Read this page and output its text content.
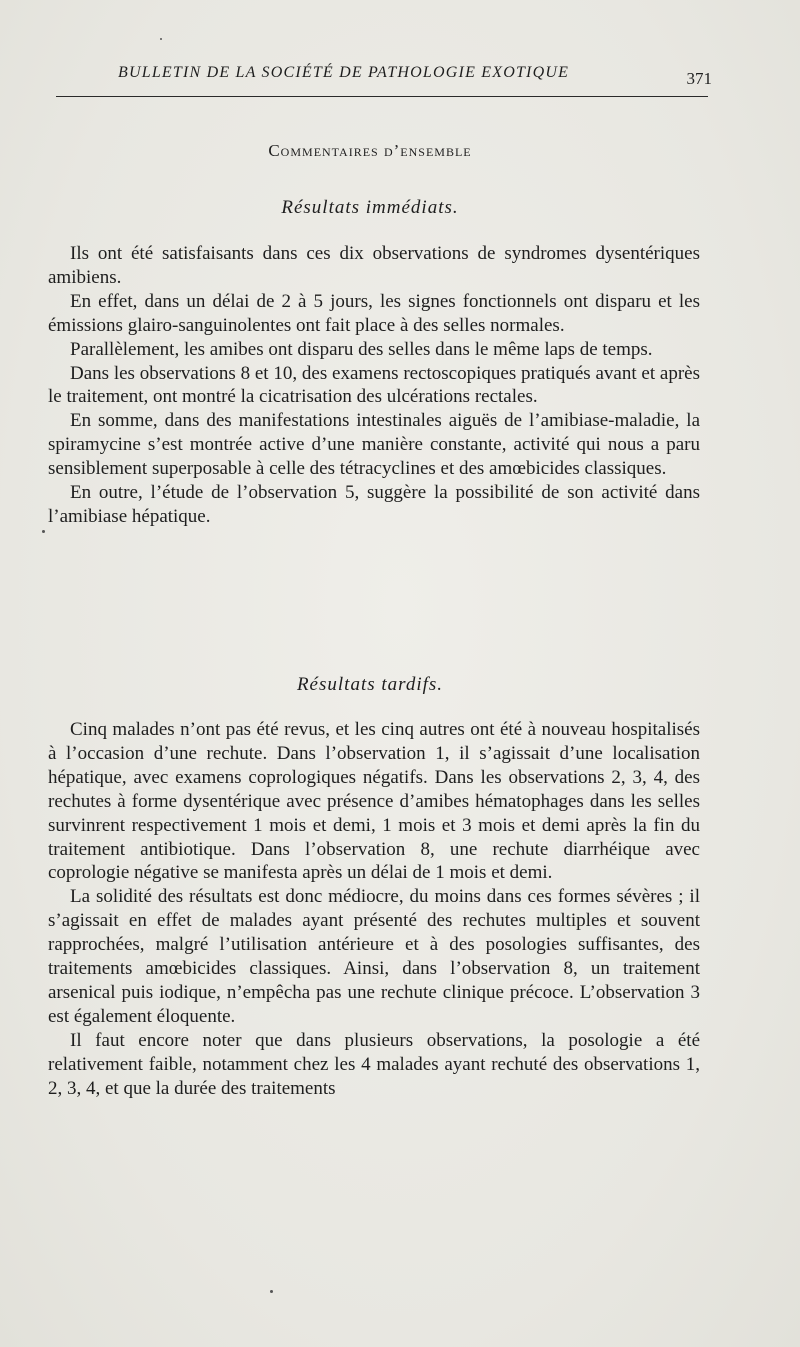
BULLETIN DE LA SOCIÉTÉ DE PATHOLOGIE EXOTIQUE	371
Commentaires d’ensemble
Résultats immédiats.

Ils ont été satisfaisants dans ces dix observations de syndromes dysentériques amibiens.

En effet, dans un délai de 2 à 5 jours, les signes fonctionnels ont disparu et les émissions glairo-sanguinolentes ont fait place à des selles normales.

Parallèlement, les amibes ont disparu des selles dans le même laps de temps.

Dans les observations 8 et 10, des examens rectoscopiques pratiqués avant et après le traitement, ont montré la cicatrisation des ulcérations rectales.

En somme, dans des manifestations intestinales aiguës de l’amibiase-maladie, la spiramycine s’est montrée active d’une manière constante, activité qui nous a paru sensiblement superposable à celle des tétracyclines et des amœbicides classiques.

En outre, l’étude de l’observation 5, suggère la possibilité de son activité dans l’amibiase hépatique.

Résultats tardifs.

Cinq malades n’ont pas été revus, et les cinq autres ont été à nouveau hospitalisés à l’occasion d’une rechute. Dans l’observation 1, il s’agissait d’une localisation hépatique, avec examens coprologiques négatifs. Dans les observations 2, 3, 4, des rechutes à forme dysentérique avec présence d’amibes hématophages dans les selles survinrent respectivement 1 mois et demi, 1 mois et 3 mois et demi après la fin du traitement antibiotique. Dans l’observation 8, une rechute diarrhéique avec coprologie négative se manifesta après un délai de 1 mois et demi.

La solidité des résultats est donc médiocre, du moins dans ces formes sévères ; il s’agissait en effet de malades ayant présenté des rechutes multiples et souvent rapprochées, malgré l’utilisation antérieure et à des posologies suffisantes, des traitements amœbicides classiques. Ainsi, dans l’observation 8, un traitement arsenical puis iodique, n’empêcha pas une rechute clinique précoce. L’observation 3 est également éloquente.

Il faut encore noter que dans plusieurs observations, la posologie a été relativement faible, notamment chez les 4 malades ayant rechuté des observations 1, 2, 3, 4, et que la durée des traitements
